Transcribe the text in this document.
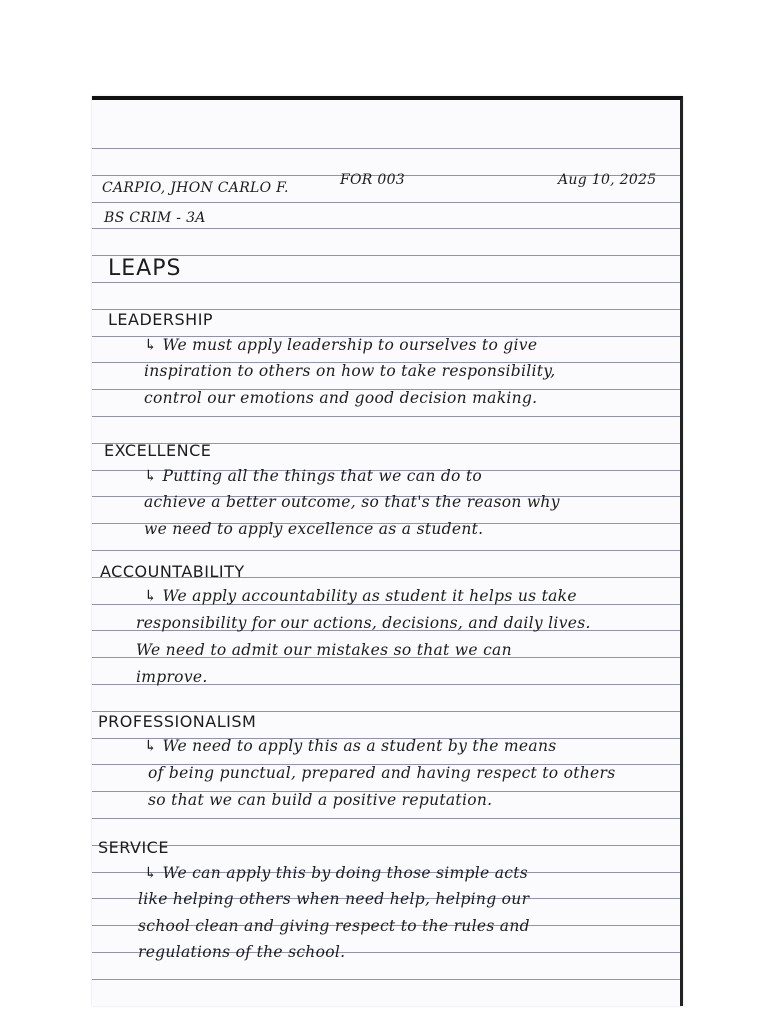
CARPIO, JHON CARLO F.	FOR 003	Aug 10, 2025
BS CRIM - 3A
LEAPS
LEADERSHIP
↳ We must apply leadership to ourselves to give
inspiration to others on how to take responsibility,
control our emotions and good decision making.
EXCELLENCE
↳ Putting all the things that we can do to
achieve a better outcome, so that's the reason why
we need to apply excellence as a student.
ACCOUNTABILITY
↳ We apply accountability as student it helps us take
responsibility for our actions, decisions, and daily lives.
We need to admit our mistakes so that we can
improve.
PROFESSIONALISM
↳ We need to apply this as a student by the means
of being punctual, prepared and having respect to others
so that we can build a positive reputation.
SERVICE
↳ We can apply this by doing those simple acts
like helping others when need help, helping our
school clean and giving respect to the rules and
regulations of the school.
